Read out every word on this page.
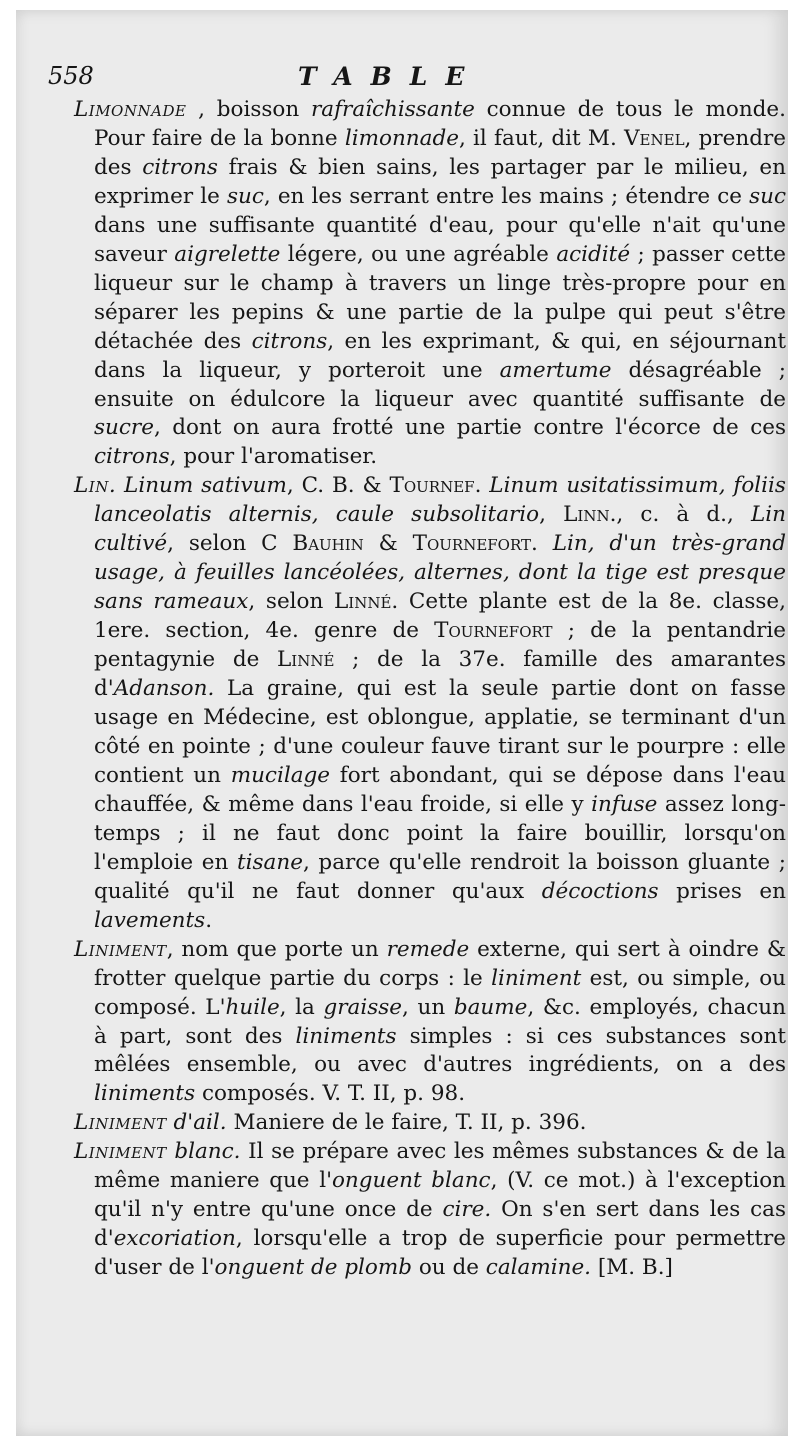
558	TABLE

Limonnade , boisson rafraîchissante connue de tous le monde. Pour faire de la bonne limonnade, il faut, dit M. Venel, prendre des citrons frais & bien sains, les partager par le milieu, en exprimer le suc, en les serrant entre les mains ; étendre ce suc dans une suffisante quantité d'eau, pour qu'elle n'ait qu'une saveur aigrelette légere, ou une agréable acidité ; passer cette liqueur sur le champ à travers un linge très-propre pour en séparer les pepins & une partie de la pulpe qui peut s'être détachée des citrons, en les exprimant, & qui, en séjournant dans la liqueur, y porteroit une amertume désagréable ; ensuite on édulcore la liqueur avec quantité suffisante de sucre, dont on aura frotté une partie contre l'écorce de ces citrons, pour l'aromatiser.

Lin. Linum sativum, C. B. & Tournef. Linum usitatissimum, foliis lanceolatis alternis, caule subsolitario, Linn., c. à d., Lin cultivé, selon C Bauhin & Tournefort. Lin, d'un très-grand usage, à feuilles lancéolées, alternes, dont la tige est presque sans rameaux, selon Linné. Cette plante est de la 8e. classe, 1ere. section, 4e. genre de Tournefort ; de la pentandrie pentagynie de Linné ; de la 37e. famille des amarantes d'Adanson. La graine, qui est la seule partie dont on fasse usage en Médecine, est oblongue, applatie, se terminant d'un côté en pointe ; d'une couleur fauve tirant sur le pourpre : elle contient un mucilage fort abondant, qui se dépose dans l'eau chauffée, & même dans l'eau froide, si elle y infuse assez long-temps ; il ne faut donc point la faire bouillir, lorsqu'on l'emploie en tisane, parce qu'elle rendroit la boisson gluante ; qualité qu'il ne faut donner qu'aux décoctions prises en lavements.

Liniment, nom que porte un remede externe, qui sert à oindre & frotter quelque partie du corps : le liniment est, ou simple, ou composé. L'huile, la graisse, un baume, &c. employés, chacun à part, sont des liniments simples : si ces substances sont mêlées ensemble, ou avec d'autres ingrédients, on a des liniments composés. V. T. II, p. 98.

Liniment d'ail. Maniere de le faire, T. II, p. 396.

Liniment blanc. Il se prépare avec les mêmes substances & de la même maniere que l'onguent blanc, (V. ce mot.) à l'exception qu'il n'y entre qu'une once de cire. On s'en sert dans les cas d'excoriation, lorsqu'elle a trop de superficie pour permettre d'user de l'onguent de plomb ou de calamine. [M. B.]
